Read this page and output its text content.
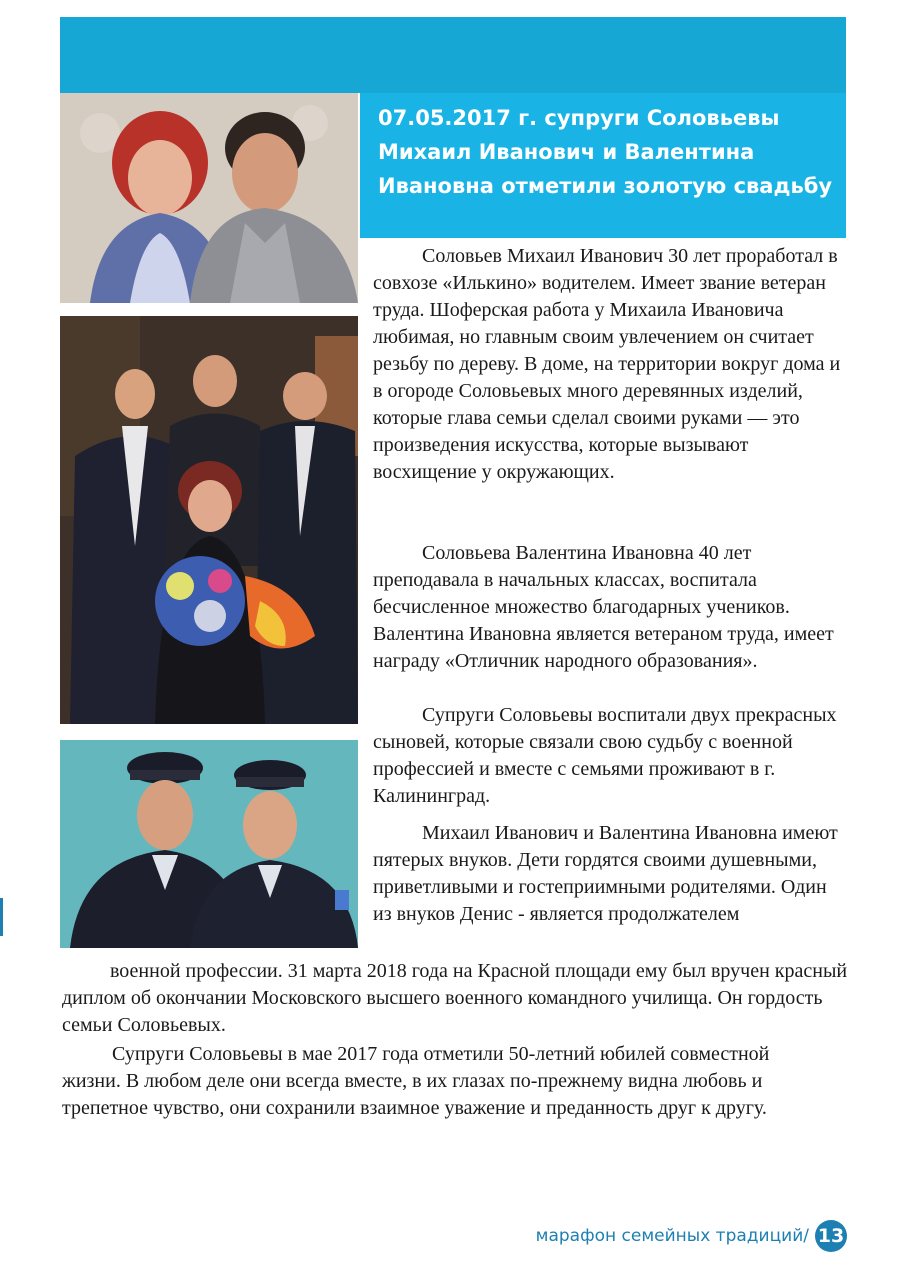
07.05.2017 г. супруги Соловьевы Михаил Иванович и Валентина Ивановна отметили золотую свадьбу

Соловьев Михаил Иванович 30 лет проработал в совхозе «Илькино» водителем. Имеет звание ветеран труда. Шоферская работа у Михаила Ивановича любимая, но главным своим увлечением он считает резьбу по дереву. В доме, на территории вокруг дома и в огороде Соловьевых много деревянных изделий, которые глава семьи сделал своими руками — это произведения искусства, которые вызывают восхищение у окружающих.

Соловьева Валентина Ивановна 40 лет преподавала в начальных классах, воспитала бесчисленное множество благодарных учеников. Валентина Ивановна является ветераном труда, имеет награду «Отличник народного образования».

Супруги Соловьевы воспитали двух прекрасных сыновей, которые связали свою судьбу с военной профессией и вместе с семьями проживают в г. Калининград.

Михаил Иванович и Валентина Ивановна имеют пятерых внуков. Дети гордятся своими душевными, приветливыми и гостеприимными родителями. Один из внуков Денис - является продолжателем

военной профессии. 31 марта 2018 года на Красной площади ему был вручен красный диплом об окончании Московского высшего военного командного училища. Он гордость семьи Соловьевых.

Супруги Соловьевы в мае 2017 года отметили 50-летний юбилей совместной жизни. В любом деле они всегда вместе, в их глазах по-прежнему видна любовь и трепетное чувство, они сохранили взаимное уважение и преданность друг к другу.

марафон семейных традиций/ 13
